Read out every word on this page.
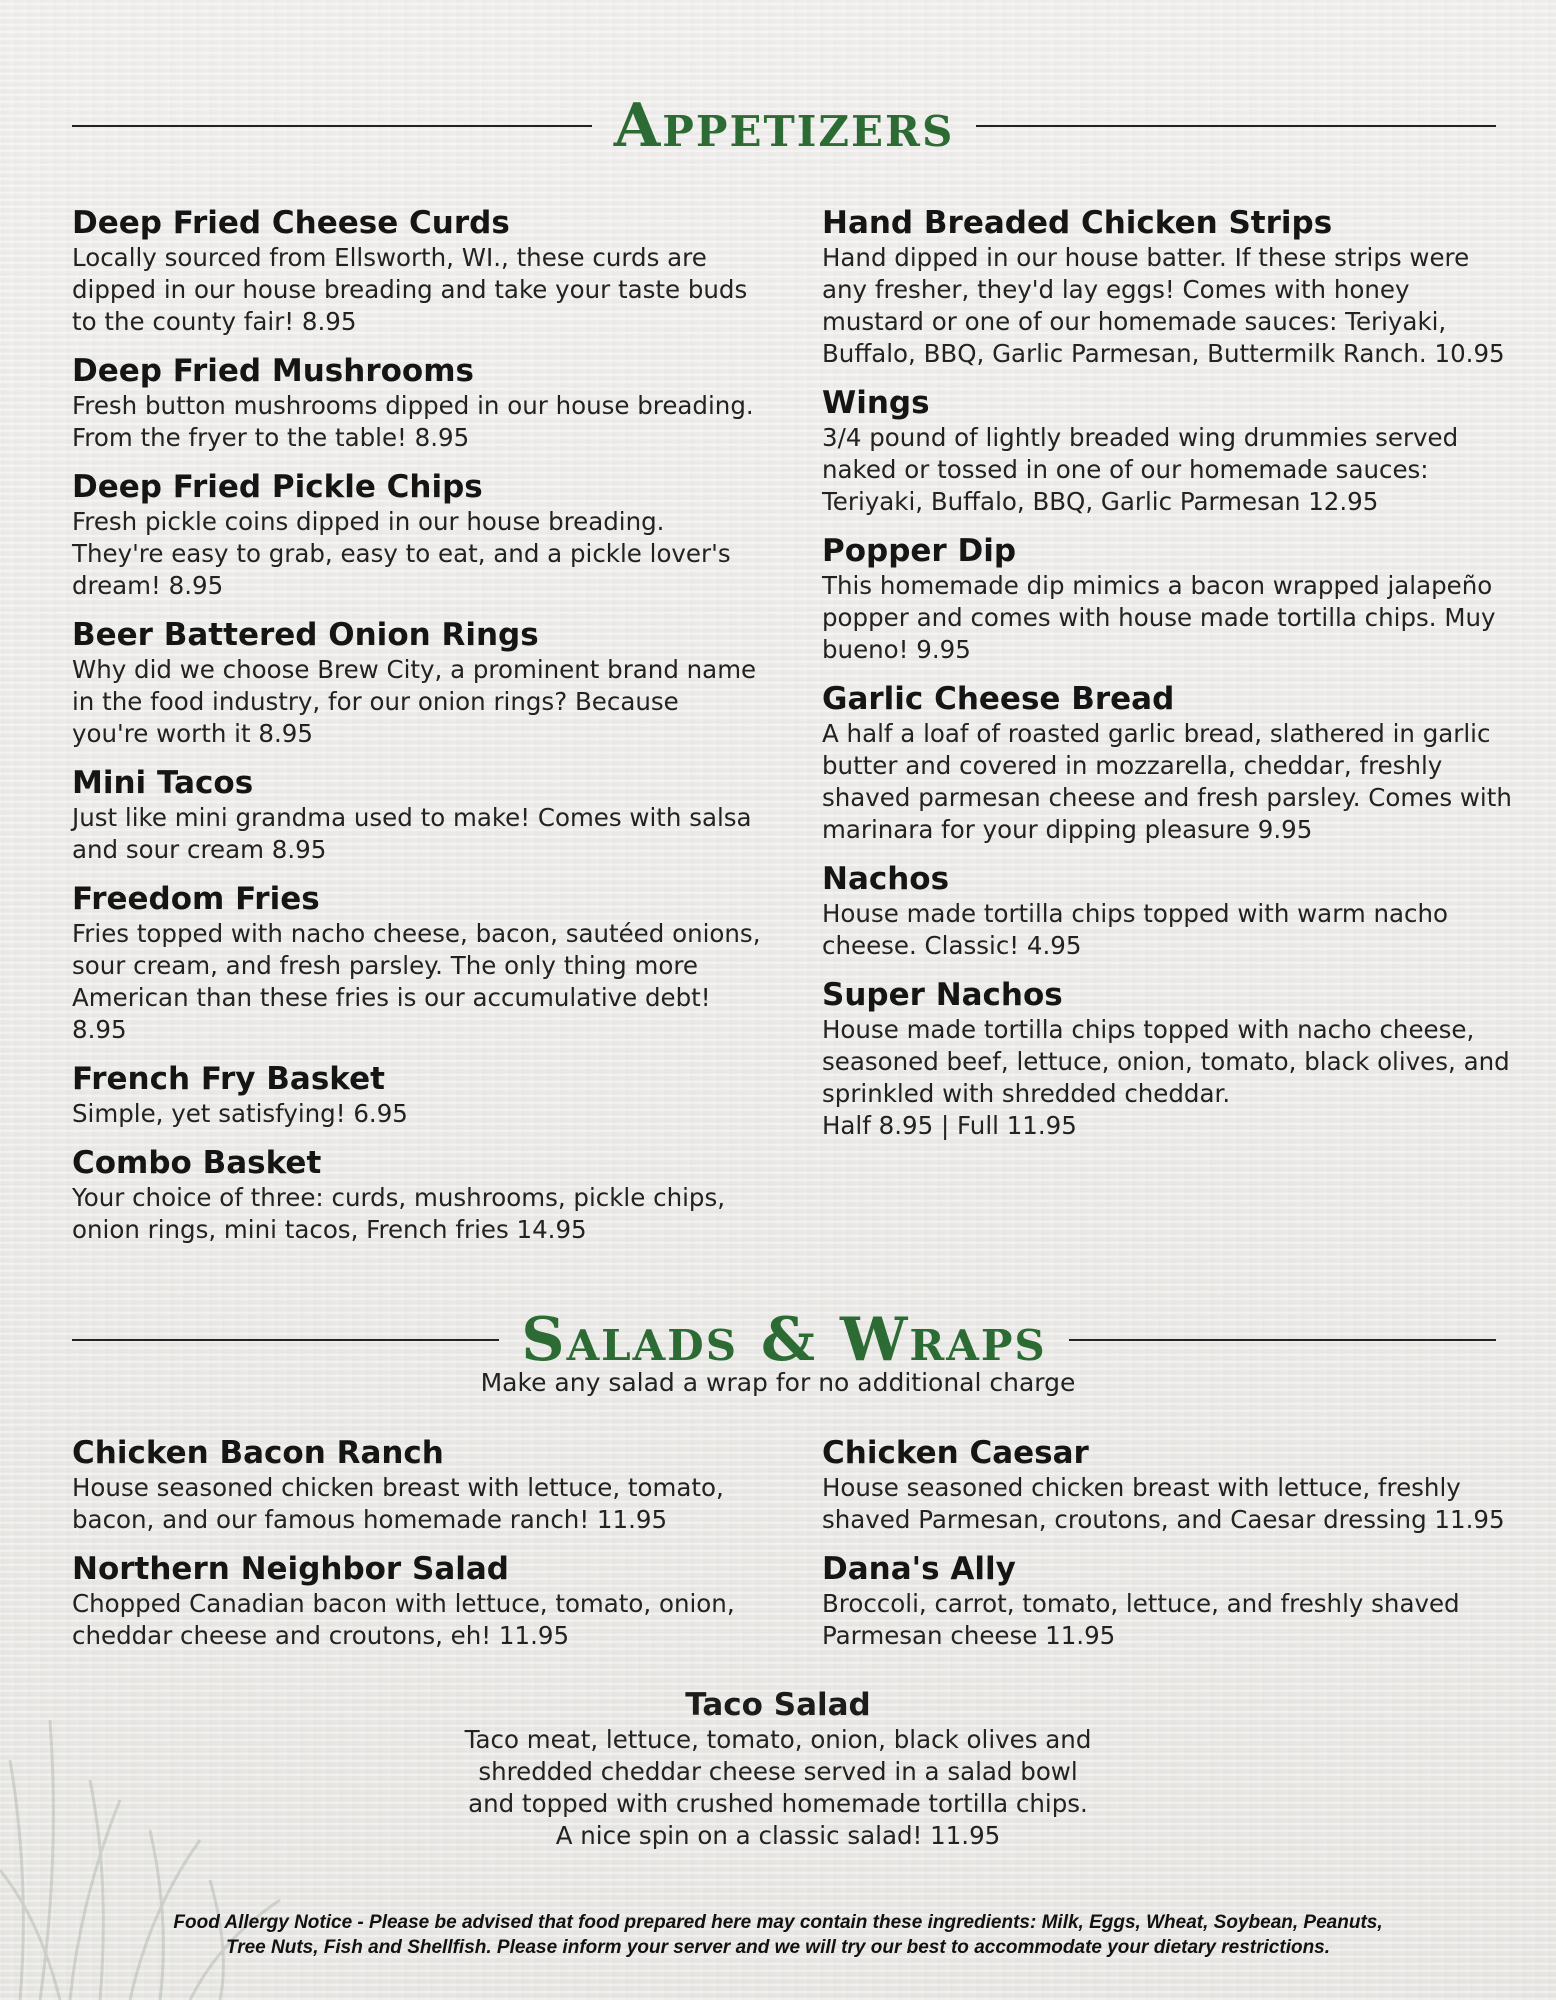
Appetizers
Deep Fried Cheese Curds

Locally sourced from Ellsworth, WI., these curds are dipped in our house breading and take your taste buds to the county fair! 8.95

Deep Fried Mushrooms

Fresh button mushrooms dipped in our house breading. From the fryer to the table! 8.95

Deep Fried Pickle Chips

Fresh pickle coins dipped in our house breading. They're easy to grab, easy to eat, and a pickle lover's dream! 8.95

Beer Battered Onion Rings

Why did we choose Brew City, a prominent brand name in the food industry, for our onion rings? Because you're worth it 8.95

Mini Tacos

Just like mini grandma used to make! Comes with salsa and sour cream 8.95

Freedom Fries

Fries topped with nacho cheese, bacon, sautéed onions, sour cream, and fresh parsley. The only thing more American than these fries is our accumulative debt! 8.95

French Fry Basket

Simple, yet satisfying! 6.95

Combo Basket

Your choice of three: curds, mushrooms, pickle chips, onion rings, mini tacos, French fries 14.95

Hand Breaded Chicken Strips

Hand dipped in our house batter. If these strips were any fresher, they'd lay eggs! Comes with honey mustard or one of our homemade sauces: Teriyaki, Buffalo, BBQ, Garlic Parmesan, Buttermilk Ranch. 10.95

Wings

3/4 pound of lightly breaded wing drummies served naked or tossed in one of our homemade sauces: Teriyaki, Buffalo, BBQ, Garlic Parmesan 12.95

Popper Dip

This homemade dip mimics a bacon wrapped jalapeño popper and comes with house made tortilla chips. Muy bueno! 9.95

Garlic Cheese Bread

A half a loaf of roasted garlic bread, slathered in garlic butter and covered in mozzarella, cheddar, freshly shaved parmesan cheese and fresh parsley. Comes with marinara for your dipping pleasure 9.95

Nachos

House made tortilla chips topped with warm nacho cheese. Classic! 4.95

Super Nachos

House made tortilla chips topped with nacho cheese, seasoned beef, lettuce, onion, tomato, black olives, and sprinkled with shredded cheddar.

Half 8.95 | Full 11.95

Salads & Wraps
Make any salad a wrap for no additional charge
Chicken Bacon Ranch

House seasoned chicken breast with lettuce, tomato, bacon, and our famous homemade ranch! 11.95

Northern Neighbor Salad

Chopped Canadian bacon with lettuce, tomato, onion, cheddar cheese and croutons, eh! 11.95

Chicken Caesar

House seasoned chicken breast with lettuce, freshly shaved Parmesan, croutons, and Caesar dressing 11.95

Dana's Ally

Broccoli, carrot, tomato, lettuce, and freshly shaved Parmesan cheese 11.95

Taco Salad

Taco meat, lettuce, tomato, onion, black olives and

shredded cheddar cheese served in a salad bowl

and topped with crushed homemade tortilla chips.

A nice spin on a classic salad! 11.95

Food Allergy Notice - Please be advised that food prepared here may contain these ingredients: Milk, Eggs, Wheat, Soybean, Peanuts,
Tree Nuts, Fish and Shellfish. Please inform your server and we will try our best to accommodate your dietary restrictions.
